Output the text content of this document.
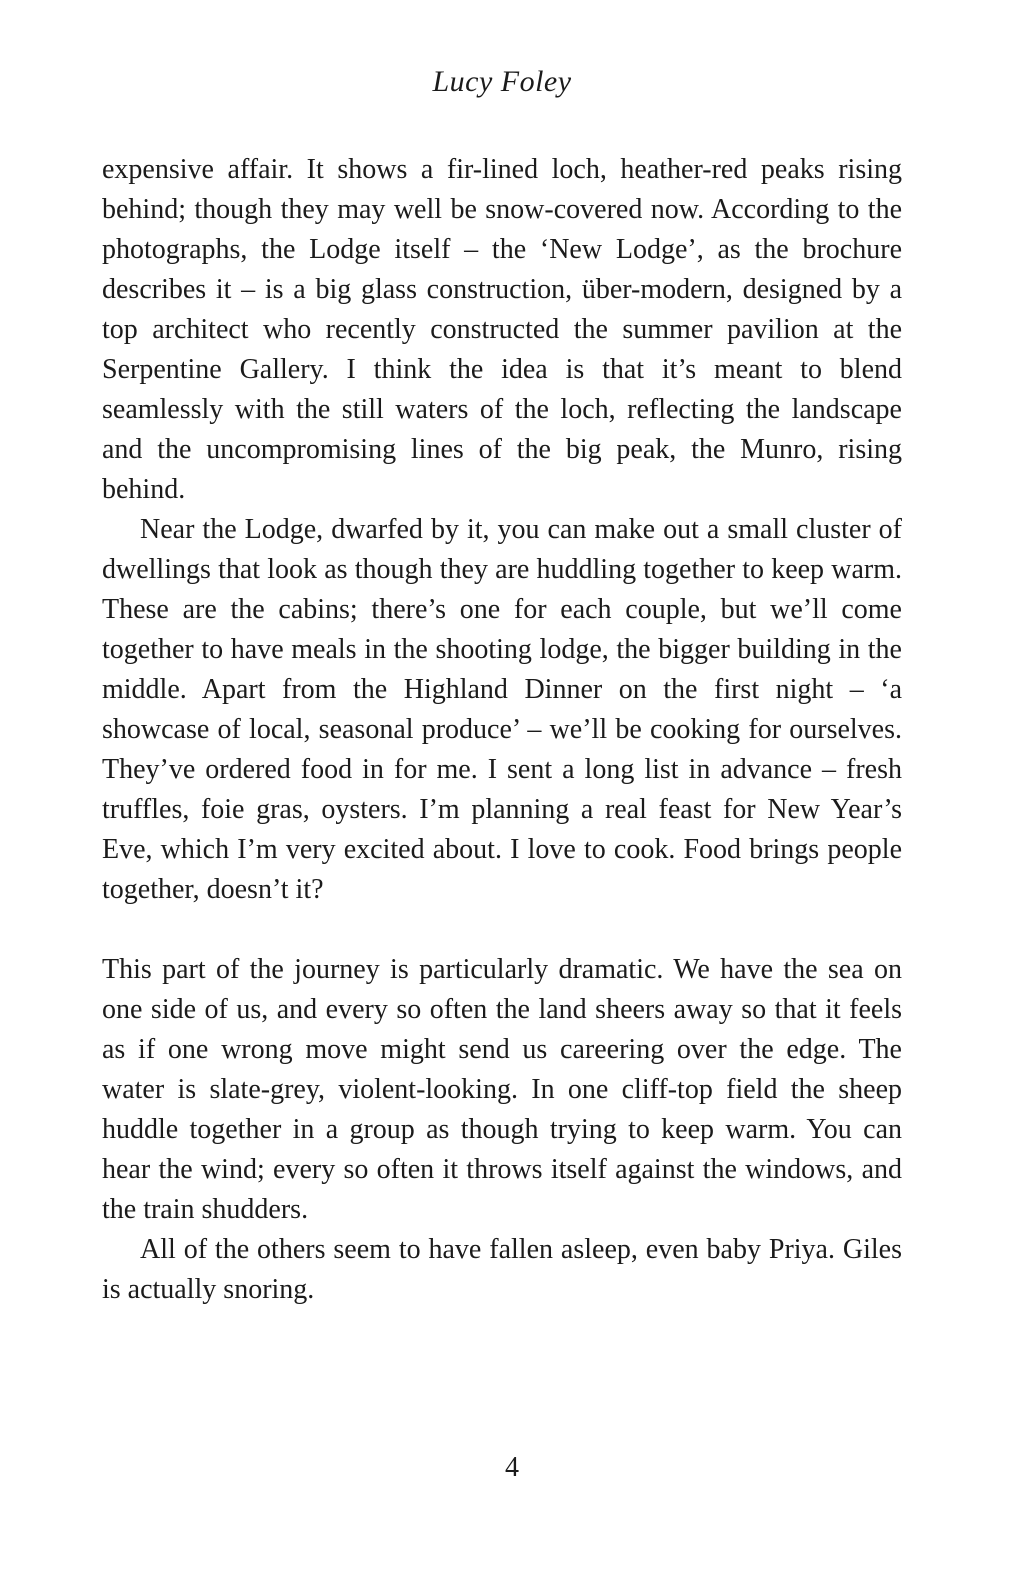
Lucy Foley

expensive affair. It shows a fir-lined loch, heather-red peaks rising behind; though they may well be snow-covered now. According to the photographs, the Lodge itself – the ‘New Lodge’, as the brochure describes it – is a big glass construction, über-modern, designed by a top architect who recently constructed the summer pavilion at the Serpentine Gallery. I think the idea is that it’s meant to blend seamlessly with the still waters of the loch, reflecting the landscape and the uncompromising lines of the big peak, the Munro, rising behind.

Near the Lodge, dwarfed by it, you can make out a small cluster of dwellings that look as though they are huddling together to keep warm. These are the cabins; there’s one for each couple, but we’ll come together to have meals in the shooting lodge, the bigger building in the middle. Apart from the Highland Dinner on the first night – ‘a showcase of local, seasonal produce’ – we’ll be cooking for ourselves. They’ve ordered food in for me. I sent a long list in advance – fresh truffles, foie gras, oysters. I’m planning a real feast for New Year’s Eve, which I’m very excited about. I love to cook. Food brings people together, doesn’t it?

This part of the journey is particularly dramatic. We have the sea on one side of us, and every so often the land sheers away so that it feels as if one wrong move might send us careering over the edge. The water is slate-grey, violent-looking. In one cliff-top field the sheep huddle together in a group as though trying to keep warm. You can hear the wind; every so often it throws itself against the windows, and the train shudders.

All of the others seem to have fallen asleep, even baby Priya. Giles is actually snoring.

4
